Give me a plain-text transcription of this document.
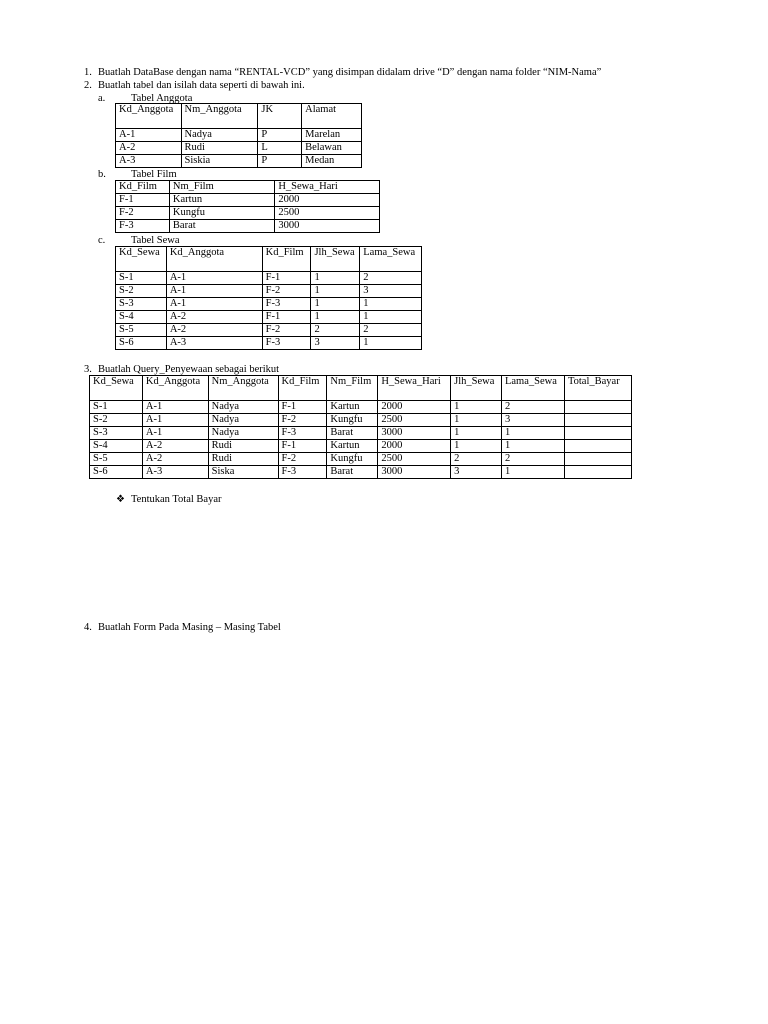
1. Buatlah DataBase dengan nama “RENTAL-VCD” yang disimpan didalam drive “D” dengan nama folder “NIM-Nama”
2. Buatlah tabel dan isilah data seperti di bawah ini.
a. Tabel Anggota
Kd_Anggota	Nm_Anggota	JK	Alamat
A-1	Nadya	P	Marelan
A-2	Rudi	L	Belawan
A-3	Siskia	P	Medan
b. Tabel Film
Kd_Film	Nm_Film	H_Sewa_Hari
F-1	Kartun	2000
F-2	Kungfu	2500
F-3	Barat	3000
c. Tabel Sewa
Kd_Sewa	Kd_Anggota	Kd_Film	Jlh_Sewa	Lama_Sewa
S-1	A-1	F-1	1	2
S-2	A-1	F-2	1	3
S-3	A-1	F-3	1	1
S-4	A-2	F-1	1	1
S-5	A-2	F-2	2	2
S-6	A-3	F-3	3	1
3. Buatlah Query_Penyewaan sebagai berikut
Kd_Sewa	Kd_Anggota	Nm_Anggota	Kd_Film	Nm_Film	H_Sewa_Hari	Jlh_Sewa	Lama_Sewa	Total_Bayar
S-1	A-1	Nadya	F-1	Kartun	2000	1	2	
S-2	A-1	Nadya	F-2	Kungfu	2500	1	3	
S-3	A-1	Nadya	F-3	Barat	3000	1	1	
S-4	A-2	Rudi	F-1	Kartun	2000	1	1	
S-5	A-2	Rudi	F-2	Kungfu	2500	2	2	
S-6	A-3	Siska	F-3	Barat	3000	3	1	
❖ Tentukan Total Bayar
4. Buatlah Form Pada Masing – Masing Tabel
